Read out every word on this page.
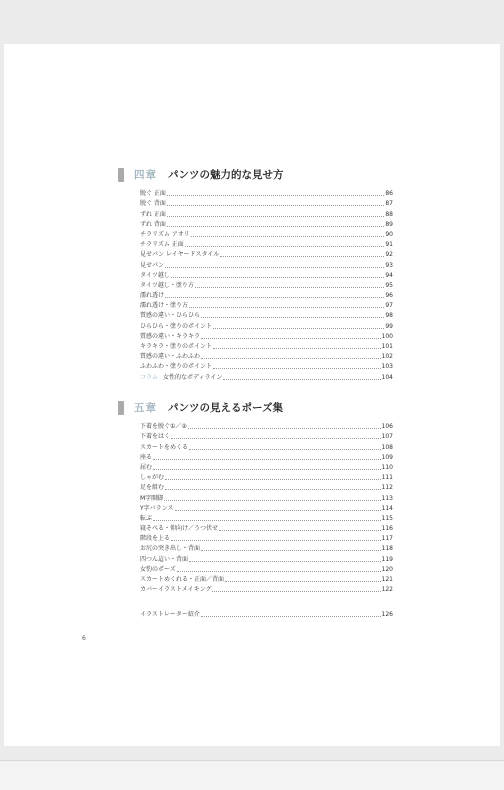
四章 パンツの魅力的な見せ方
脱ぐ 正面	86
脱ぐ 背面	87
ずれ 正面	88
ずれ 背面	89
チラリズム アオリ	90
チラリズム 正面	91
見せパン レイヤードスタイル	92
見せパン	93
タイツ越し	94
タイツ越し・塗り方	95
濡れ透け	96
濡れ透け・塗り方	97
質感の違い・ひらひら	98
ひらひら・塗りのポイント	99
質感の違い・キラキラ	100
キラキラ・塗りのポイント	101
質感の違い・ふわふわ	102
ふわふわ・塗りのポイント	103
コラム 女性的なボディライン	104
五章 パンツの見えるポーズ集
下着を脱ぐ①／②	106
下着をはく	107
スカートをめくる	108
座る	109
屈む	110
しゃがむ	111
足を組む	112
M字開脚	113
Y字バランス	114
転ぶ	115
寝そべる・仰向け／うつ伏せ	116
階段を上る	117
お尻の突き出し・背面	118
四つん這い・背面	119
女豹のポーズ	120
スカートめくれる・正面／背面	121
カバーイラストメイキング	122
イラストレーター紹介	126
6
